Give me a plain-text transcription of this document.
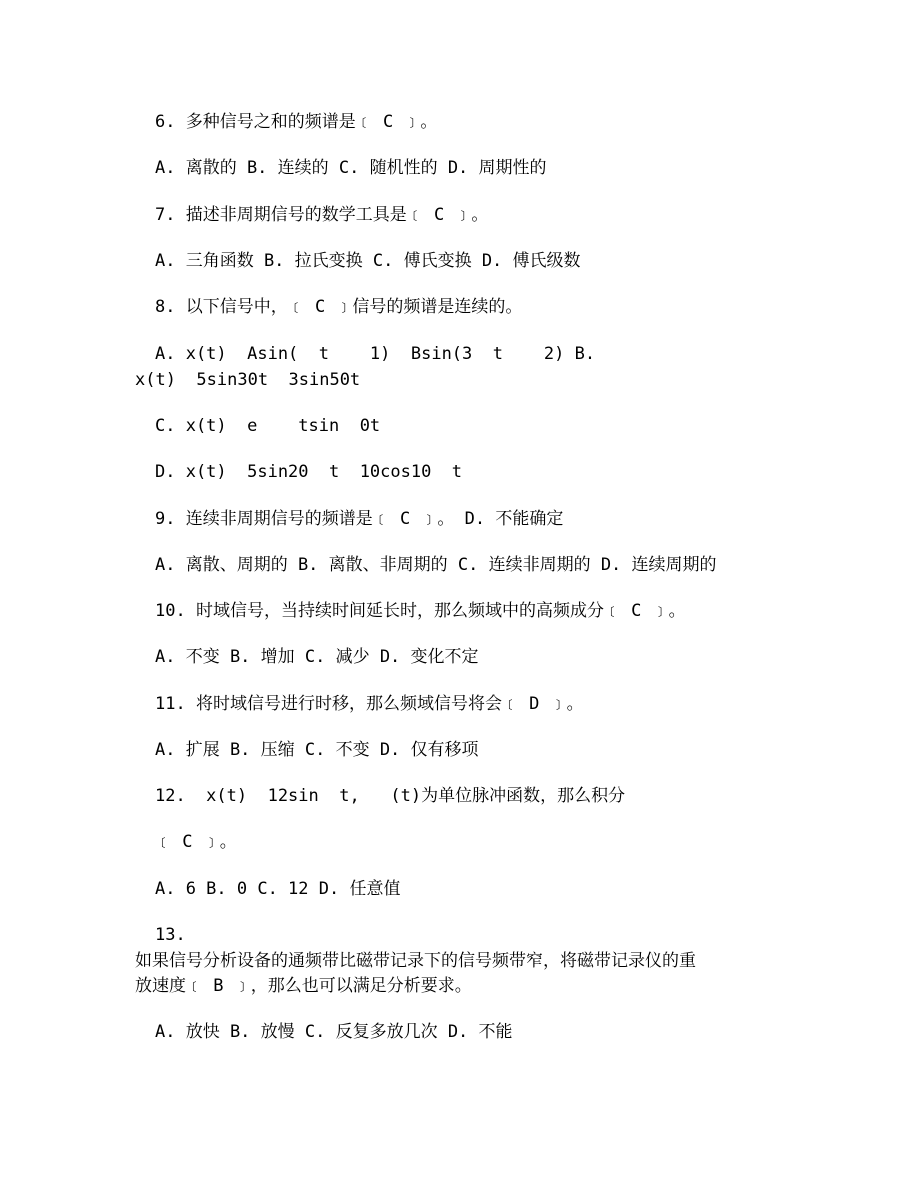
6. 多种信号之和的频谱是﹝ C ﹞。
A. 离散的 B. 连续的 C. 随机性的 D. 周期性的
7. 描述非周期信号的数学工具是﹝ C ﹞。
A. 三角函数 B. 拉氏变换 C. 傅氏变换 D. 傅氏级数
8. 以下信号中，﹝ C ﹞信号的频谱是连续的。
A. x(t)  Asin(  t    1)  Bsin(3  t    2) B.
x(t)  5sin30t  3sin50t
C. x(t)  e    tsin  0t
D. x(t)  5sin20  t  10cos10  t
9. 连续非周期信号的频谱是﹝ C ﹞。 D. 不能确定
A. 离散、周期的 B. 离散、非周期的 C. 连续非周期的 D. 连续周期的
10. 时域信号，当持续时间延长时，那么频域中的高频成分﹝ C ﹞。
A. 不变 B. 增加 C. 减少 D. 变化不定
11. 将时域信号进行时移，那么频域信号将会﹝ D ﹞。
A. 扩展 B. 压缩 C. 不变 D. 仅有移项
12.  x(t)  12sin  t,   (t)为单位脉冲函数，那么积分
﹝ C ﹞。
A. 6 B. 0 C. 12 D. 任意值
13.
如果信号分析设备的通频带比磁带记录下的信号频带窄，将磁带记录仪的重
放速度﹝ B ﹞，那么也可以满足分析要求。
A. 放快 B. 放慢 C. 反复多放几次 D. 不能
